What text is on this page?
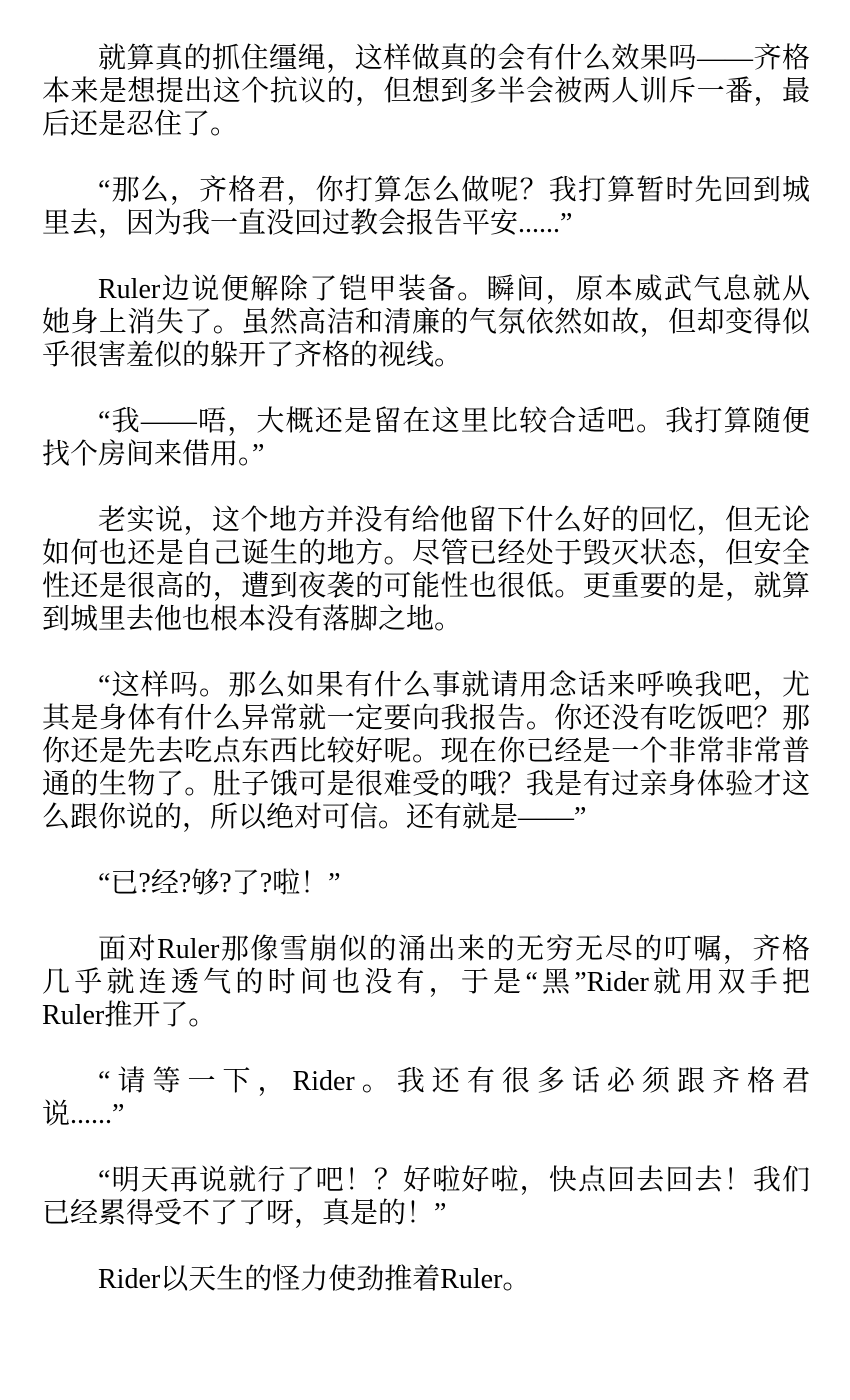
就算真的抓住缰绳，这样做真的会有什么效果吗——齐格
本来是想提出这个抗议的，但想到多半会被两人训斥一番，最
后还是忍住了。

“那么，齐格君，你打算怎么做呢？我打算暂时先回到城
里去，因为我一直没回过教会报告平安......”

Ruler边说便解除了铠甲装备。瞬间，原本威武气息就从
她身上消失了。虽然高洁和清廉的气氛依然如故，但却变得似
乎很害羞似的躲开了齐格的视线。

“我——唔，大概还是留在这里比较合适吧。我打算随便
找个房间来借用。”

老实说，这个地方并没有给他留下什么好的回忆，但无论
如何也还是自己诞生的地方。尽管已经处于毁灭状态，但安全
性还是很高的，遭到夜袭的可能性也很低。更重要的是，就算
到城里去他也根本没有落脚之地。

“这样吗。那么如果有什么事就请用念话来呼唤我吧，尤
其是身体有什么异常就一定要向我报告。你还没有吃饭吧？那
你还是先去吃点东西比较好呢。现在你已经是一个非常非常普
通的生物了。肚子饿可是很难受的哦？我是有过亲身体验才这
么跟你说的，所以绝对可信。还有就是——”

“已?经?够?了?啦！”

面对Ruler那像雪崩似的涌出来的无穷无尽的叮嘱，齐格
几乎就连透气的时间也没有，于是“黑”Rider就用双手把
Ruler推开了。

“请等一下，Rider。我还有很多话必须跟齐格君
说......”

“明天再说就行了吧！？好啦好啦，快点回去回去！我们
已经累得受不了了呀，真是的！”

Rider以天生的怪力使劲推着Ruler。
